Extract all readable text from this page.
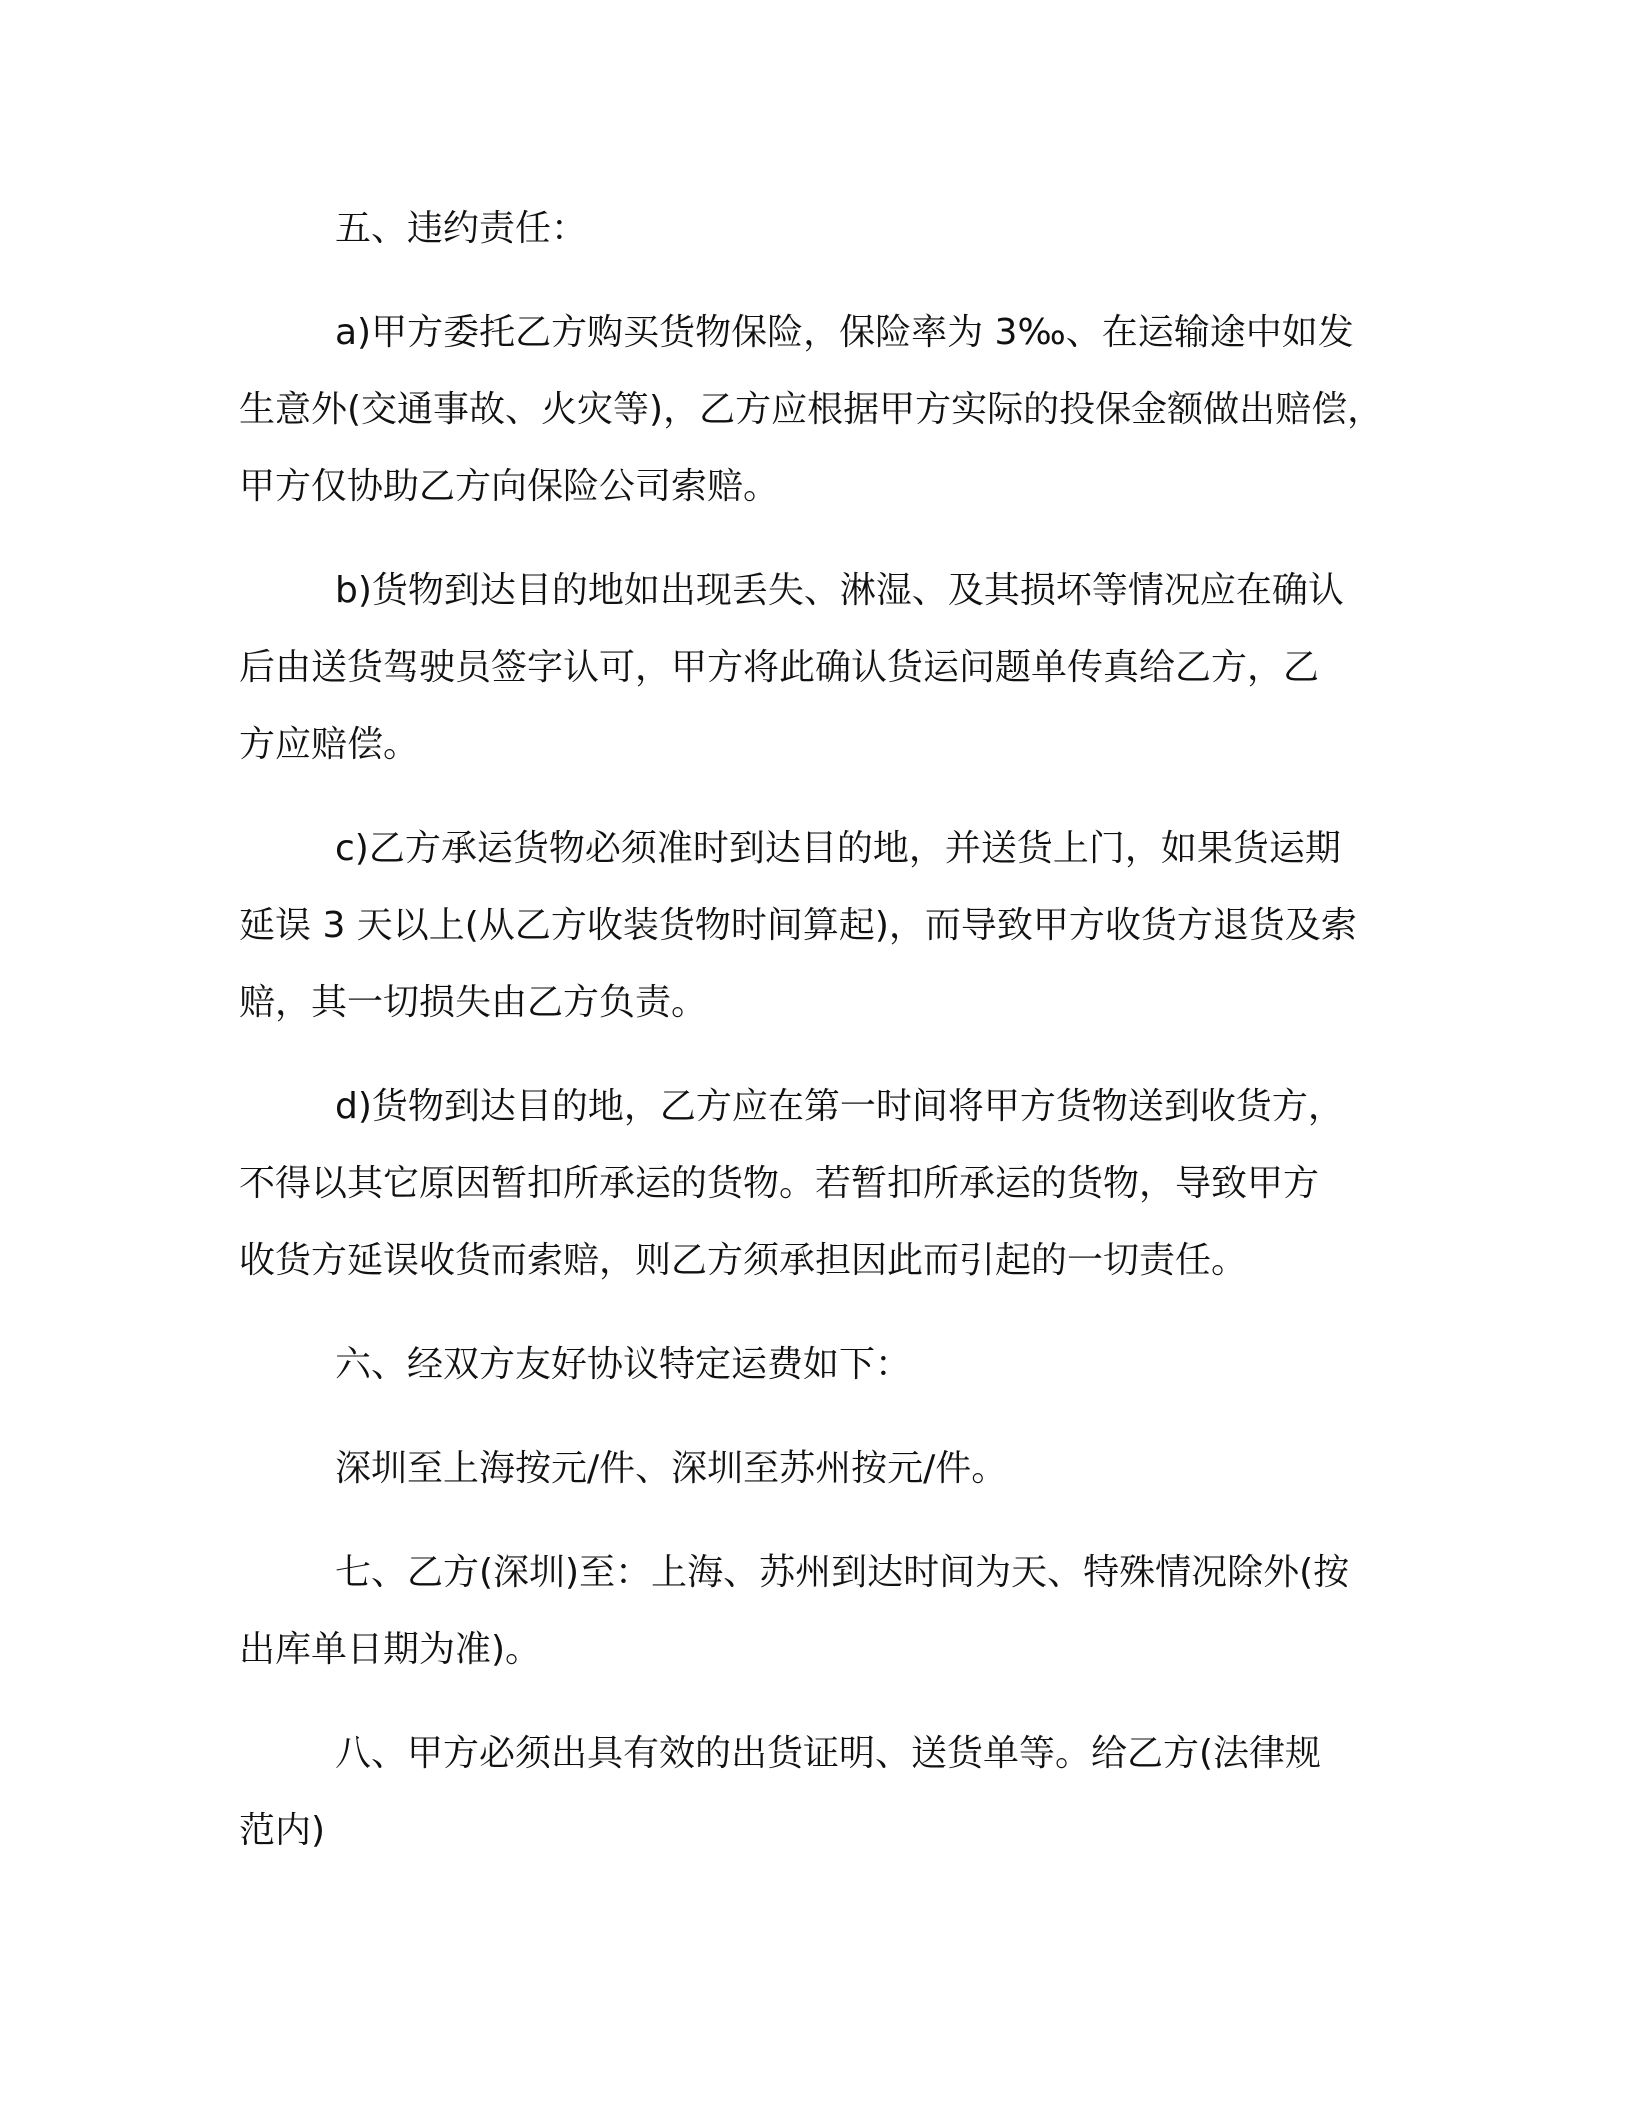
五、违约责任：

a)甲方委托乙方购买货物保险，保险率为 3‰、在运输途中如发
生意外(交通事故、火灾等)，乙方应根据甲方实际的投保金额做出赔偿，
甲方仅协助乙方向保险公司索赔。

b)货物到达目的地如出现丢失、淋湿、及其损坏等情况应在确认
后由送货驾驶员签字认可，甲方将此确认货运问题单传真给乙方，乙
方应赔偿。

c)乙方承运货物必须准时到达目的地，并送货上门，如果货运期
延误 3 天以上(从乙方收装货物时间算起)，而导致甲方收货方退货及索
赔，其一切损失由乙方负责。

d)货物到达目的地，乙方应在第一时间将甲方货物送到收货方，
不得以其它原因暂扣所承运的货物。若暂扣所承运的货物，导致甲方
收货方延误收货而索赔，则乙方须承担因此而引起的一切责任。

六、经双方友好协议特定运费如下：

深圳至上海按元/件、深圳至苏州按元/件。

七、乙方(深圳)至：上海、苏州到达时间为天、特殊情况除外(按
出库单日期为准)。

八、甲方必须出具有效的出货证明、送货单等。给乙方(法律规
范内)
